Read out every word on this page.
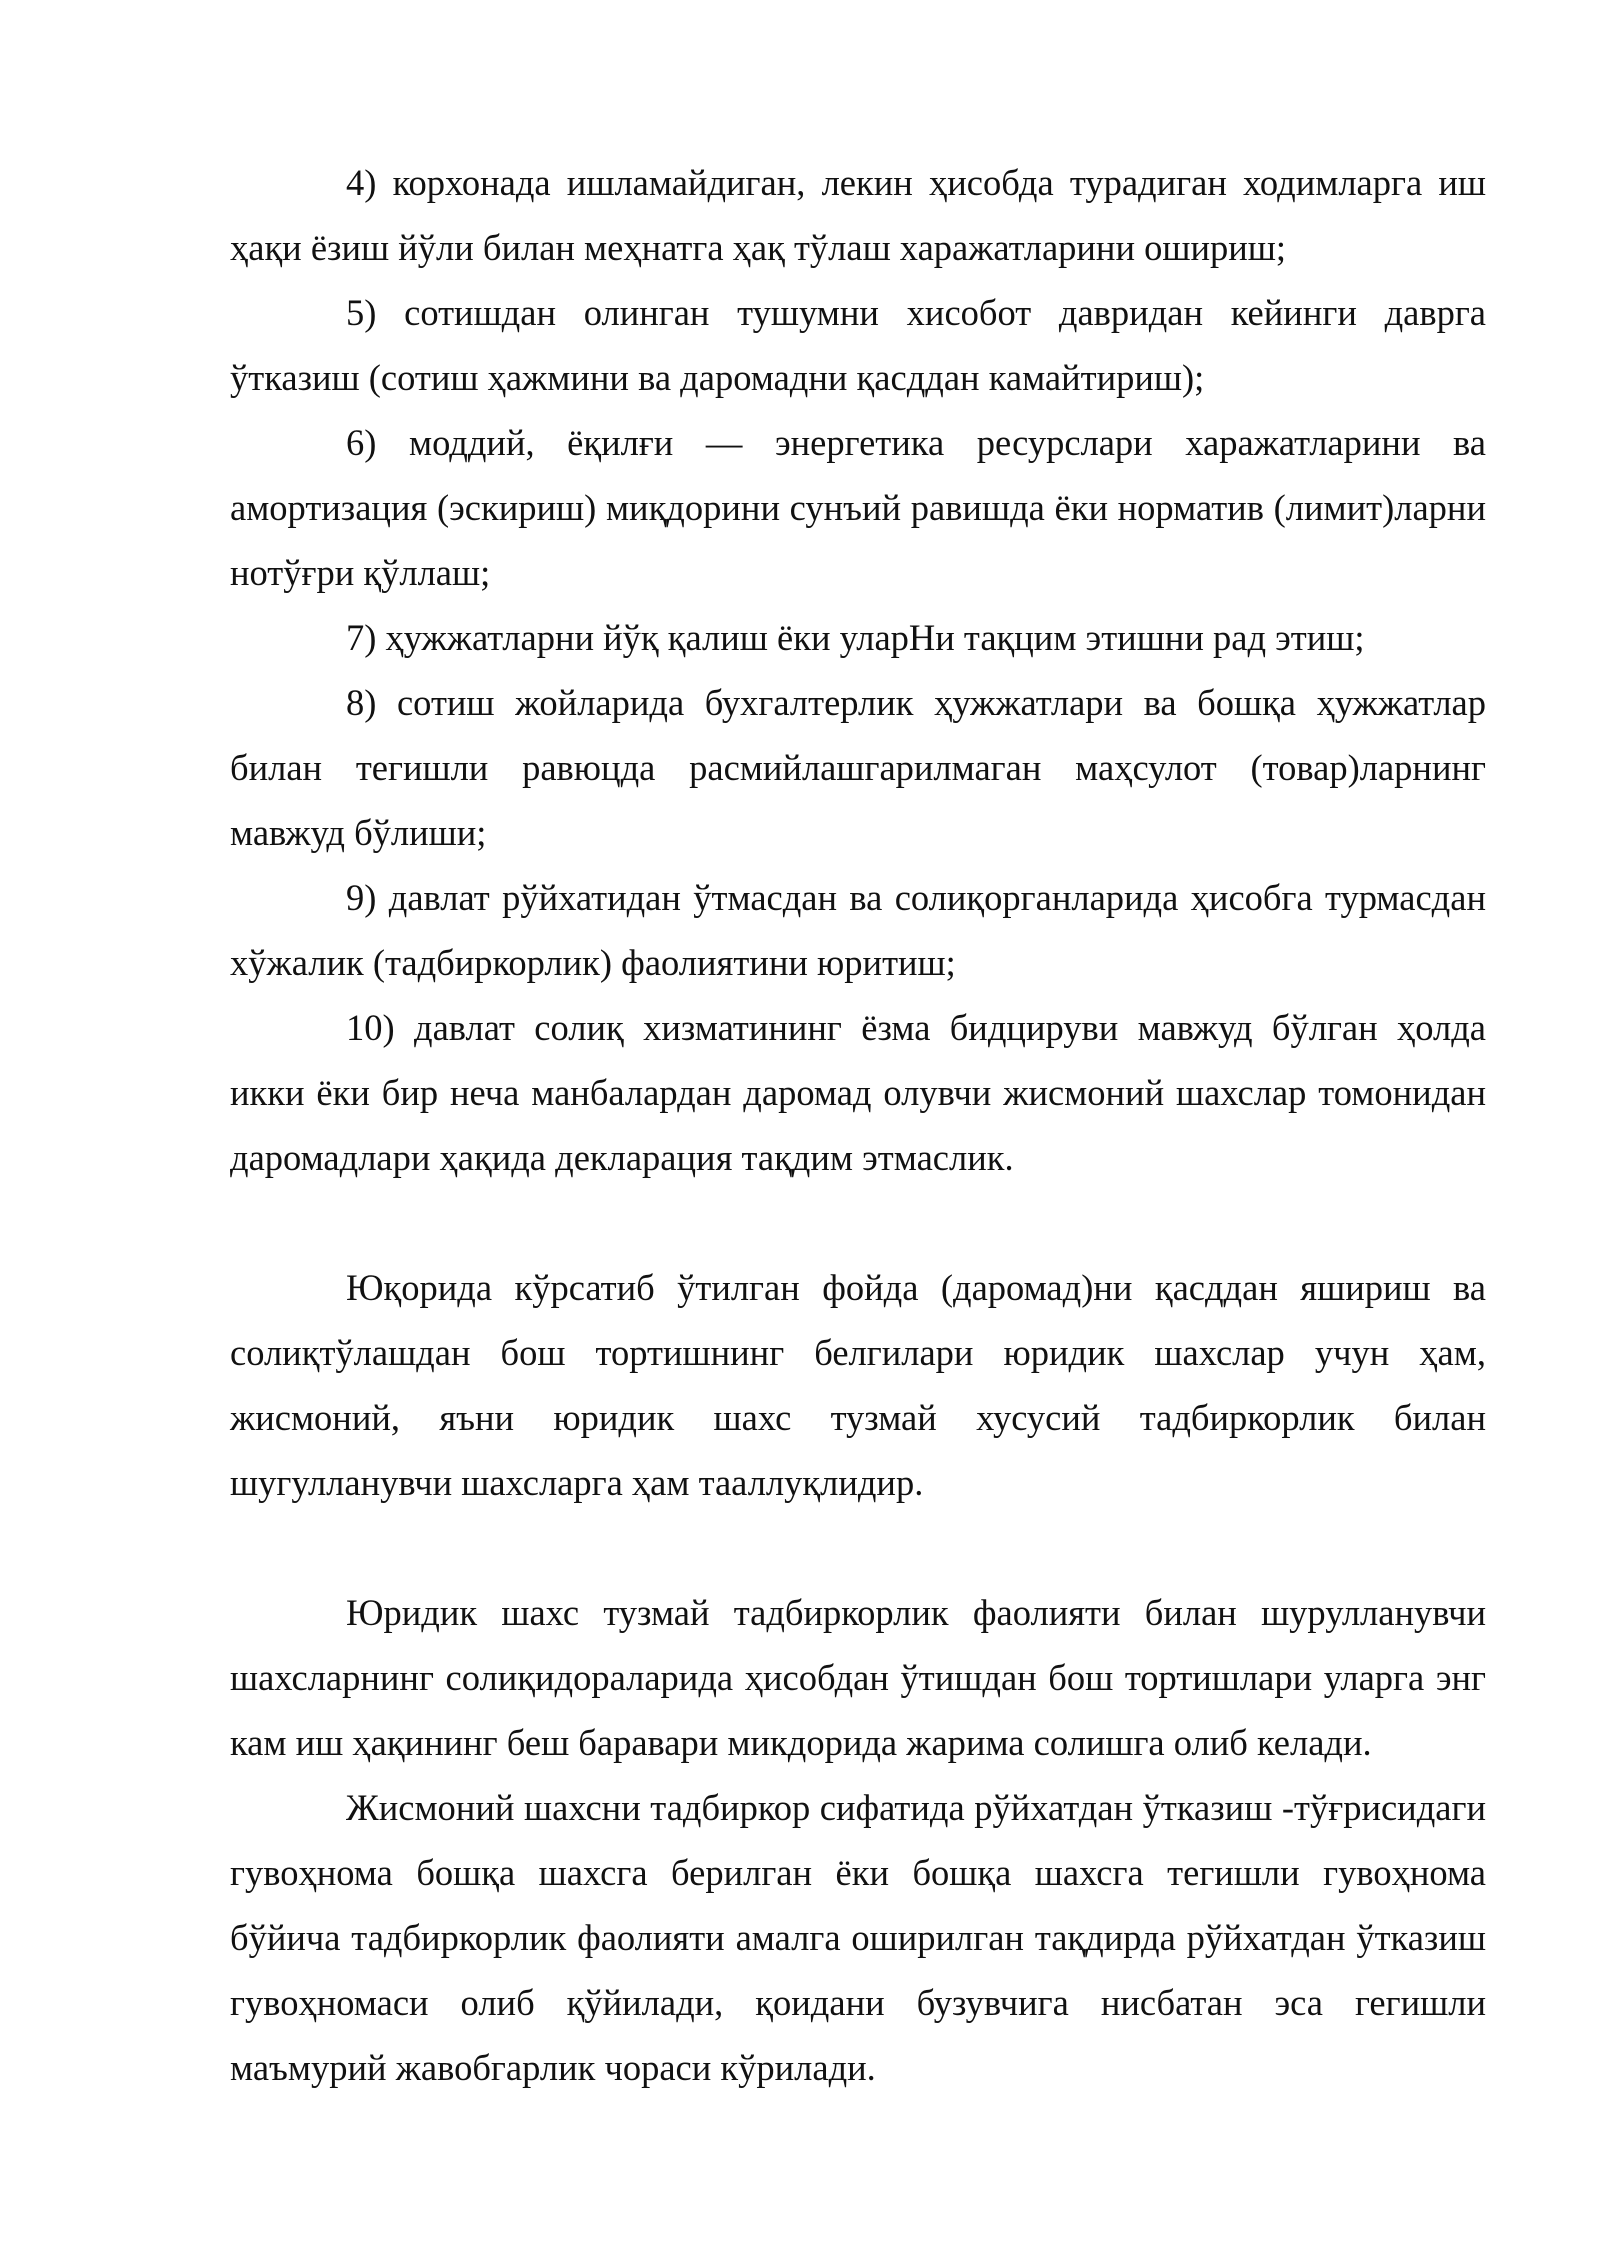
4) корхонада ишламайдиган, лекин ҳисобда турадиган ходимларга иш ҳақи ёзиш йўли билан меҳнатга ҳақ тўлаш харажатларини ошириш;

5) сотишдан олинган тушумни хисобот давридан кейинги даврга ўтказиш (сотиш ҳажмини ва даромадни қасддан камайтириш);

6) моддий, ёқилғи — энергетика ресурслари харажатларини ва амортизация (эскириш) миқдорини сунъий равишда ёки норматив (лимит)ларни нотўғри қўллаш;

7) ҳужжатларни йўқ қалиш ёки уларНи тақцим этишни рад этиш;

8) сотиш жойларида бухгалтерлик ҳужжатлари ва бошқа ҳужжатлар билан тегишли равюцда расмийлашгарилмаган маҳсулот (товар)ларнинг мавжуд бўлиши;

9) давлат рўйхатидан ўтмасдан ва солиқорганларида ҳисобга турмасдан хўжалик (тадбиркорлик) фаолиятини юритиш;

10) давлат солиқ хизматининг ёзма бидцируви мавжуд бўлган ҳолда икки ёки бир неча манбалардан даромад олувчи жисмоний шахслар томонидан даромадлари ҳақида декларация тақдим этмаслик.

Юқорида кўрсатиб ўтилган фойда (даромад)ни қасддан яшириш ва солиқтўлашдан бош тортишнинг белгилари юридик шахслар учун ҳам, жисмоний, яъни юридик шахс тузмай хусусий тадбиркорлик билан шугулланувчи шахсларга ҳам тааллуқлидир.

Юридик шахс тузмай тадбиркорлик фаолияти билан шурулланувчи шахсларнинг солиқидораларида ҳисобдан ўтишдан бош тортишлари уларга энг кам иш ҳақининг беш баравари микдорида жарима солишга олиб келади.

Жисмоний шахсни тадбиркор сифатида рўйхатдан ўтказиш -тўғрисидаги гувоҳнома бошқа шахсга берилган ёки бошқа шахсга тегишли гувоҳнома бўйича тадбиркорлик фаолияти амалга оширилган тақдирда рўйхатдан ўтказиш гувоҳномаси олиб қўйилади, қоидани бузувчига нисбатан эса гегишли маъмурий жавобгарлик чораси кўрилади.
